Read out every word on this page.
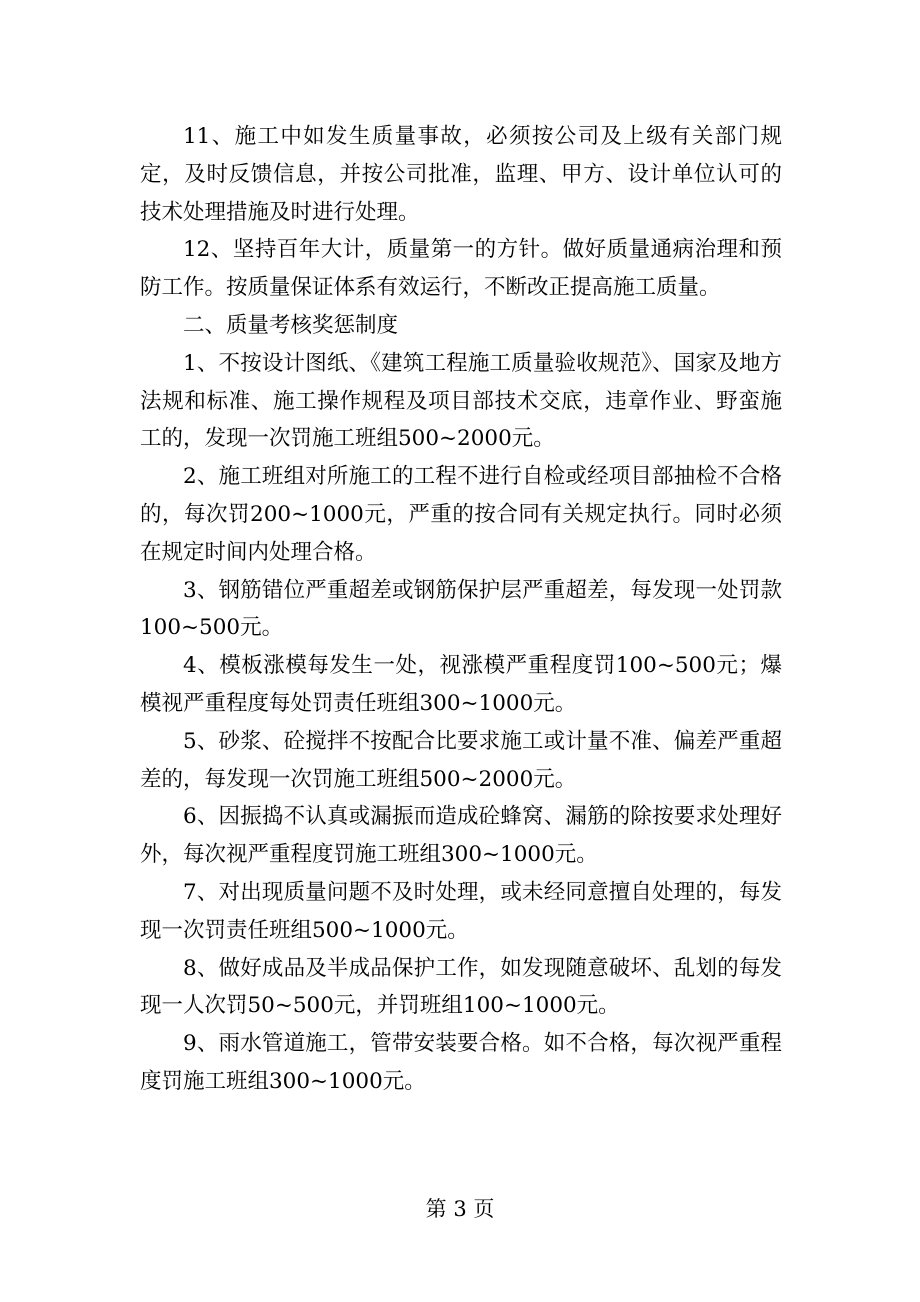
11、施工中如发生质量事故，必须按公司及上级有关部门规定，及时反馈信息，并按公司批准，监理、甲方、设计单位认可的技术处理措施及时进行处理。

12、坚持百年大计，质量第一的方针。做好质量通病治理和预防工作。按质量保证体系有效运行，不断改正提高施工质量。

二、质量考核奖惩制度

1、不按设计图纸、《建筑工程施工质量验收规范》、国家及地方法规和标准、施工操作规程及项目部技术交底，违章作业、野蛮施工的，发现一次罚施工班组500~2000元。

2、施工班组对所施工的工程不进行自检或经项目部抽检不合格的，每次罚200~1000元，严重的按合同有关规定执行。同时必须在规定时间内处理合格。

3、钢筋错位严重超差或钢筋保护层严重超差，每发现一处罚款100~500元。

4、模板涨模每发生一处，视涨模严重程度罚100~500元；爆模视严重程度每处罚责任班组300~1000元。

5、砂浆、砼搅拌不按配合比要求施工或计量不准、偏差严重超差的，每发现一次罚施工班组500~2000元。

6、因振捣不认真或漏振而造成砼蜂窝、漏筋的除按要求处理好外，每次视严重程度罚施工班组300~1000元。

7、对出现质量问题不及时处理，或未经同意擅自处理的，每发现一次罚责任班组500~1000元。

8、做好成品及半成品保护工作，如发现随意破坏、乱划的每发现一人次罚50~500元，并罚班组100~1000元。

9、雨水管道施工，管带安装要合格。如不合格，每次视严重程度罚施工班组300~1000元。

第 3 页
